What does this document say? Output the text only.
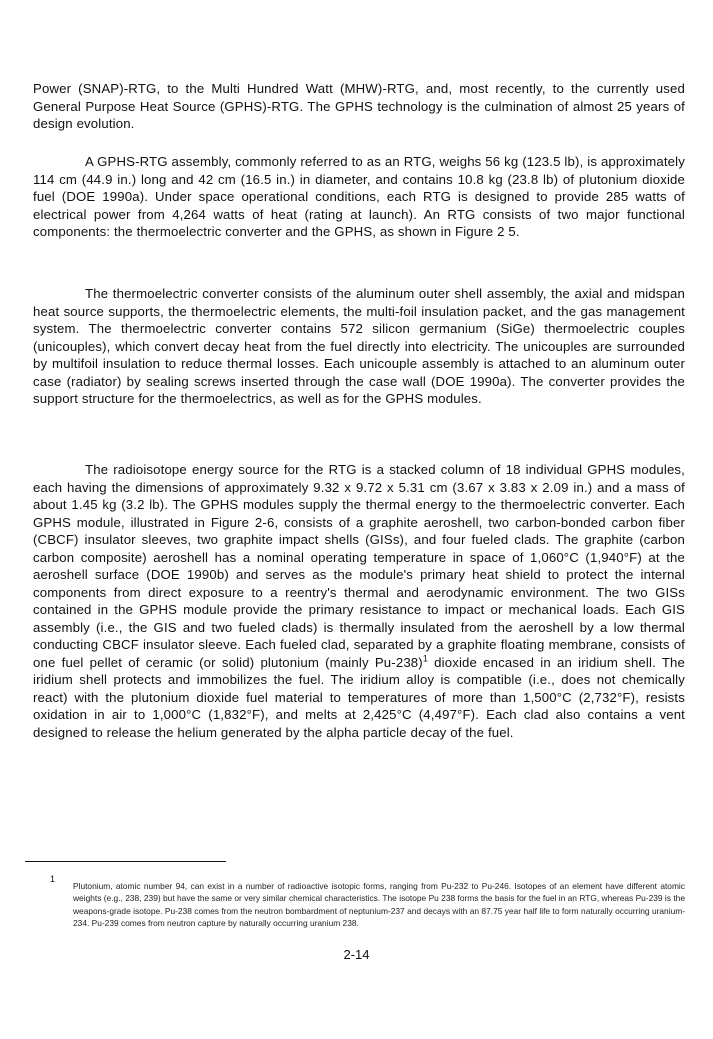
Power (SNAP)-RTG, to the Multi Hundred Watt (MHW)-RTG, and, most recently, to the currently used General Purpose Heat Source (GPHS)-RTG. The GPHS technology is the culmination of almost 25 years of design evolution.

A GPHS-RTG assembly, commonly referred to as an RTG, weighs 56 kg (123.5 lb), is approximately 114 cm (44.9 in.) long and 42 cm (16.5 in.) in diameter, and contains 10.8 kg (23.8 lb) of plutonium dioxide fuel (DOE 1990a). Under space operational conditions, each RTG is designed to provide 285 watts of electrical power from 4,264 watts of heat (rating at launch). An RTG consists of two major functional components: the thermoelectric converter and the GPHS, as shown in Figure 2 5.

The thermoelectric converter consists of the aluminum outer shell assembly, the axial and midspan heat source supports, the thermoelectric elements, the multi-foil insulation packet, and the gas management system. The thermoelectric converter contains 572 silicon germanium (SiGe) thermoelectric couples (unicouples), which convert decay heat from the fuel directly into electricity. The unicouples are surrounded by multifoil insulation to reduce thermal losses. Each unicouple assembly is attached to an aluminum outer case (radiator) by sealing screws inserted through the case wall (DOE 1990a). The converter provides the support structure for the thermoelectrics, as well as for the GPHS modules.

The radioisotope energy source for the RTG is a stacked column of 18 individual GPHS modules, each having the dimensions of approximately 9.32 x 9.72 x 5.31 cm (3.67 x 3.83 x 2.09 in.) and a mass of about 1.45 kg (3.2 lb). The GPHS modules supply the thermal energy to the thermoelectric converter. Each GPHS module, illustrated in Figure 2-6, consists of a graphite aeroshell, two carbon-bonded carbon fiber (CBCF) insulator sleeves, two graphite impact shells (GISs), and four fueled clads. The graphite (carbon carbon composite) aeroshell has a nominal operating temperature in space of 1,060°C (1,940°F) at the aeroshell surface (DOE 1990b) and serves as the module's primary heat shield to protect the internal components from direct exposure to a reentry's thermal and aerodynamic environment. The two GISs contained in the GPHS module provide the primary resistance to impact or mechanical loads. Each GIS assembly (i.e., the GIS and two fueled clads) is thermally insulated from the aeroshell by a low thermal conducting CBCF insulator sleeve. Each fueled clad, separated by a graphite floating membrane, consists of one fuel pellet of ceramic (or solid) plutonium (mainly Pu-238)$^1$ dioxide encased in an iridium shell. The iridium shell protects and immobilizes the fuel. The iridium alloy is compatible (i.e., does not chemically react) with the plutonium dioxide fuel material to temperatures of more than 1,500°C (2,732°F), resists oxidation in air to 1,000°C (1,832°F), and melts at 2,425°C (4,497°F). Each clad also contains a vent designed to release the helium generated by the alpha particle decay of the fuel.

1

Plutonium, atomic number 94, can exist in a number of radioactive isotopic forms, ranging from Pu-232 to Pu-246. Isotopes of an element have different atomic weights (e.g., 238, 239) but have the same or very similar chemical characteristics. The isotope Pu 238 forms the basis for the fuel in an RTG, whereas Pu-239 is the weapons-grade isotope. Pu-238 comes from the neutron bombardment of neptunium-237 and decays with an 87.75 year half life to form naturally occurring uranium-234. Pu-239 comes from neutron capture by naturally occurring uranium 238.

2-14
